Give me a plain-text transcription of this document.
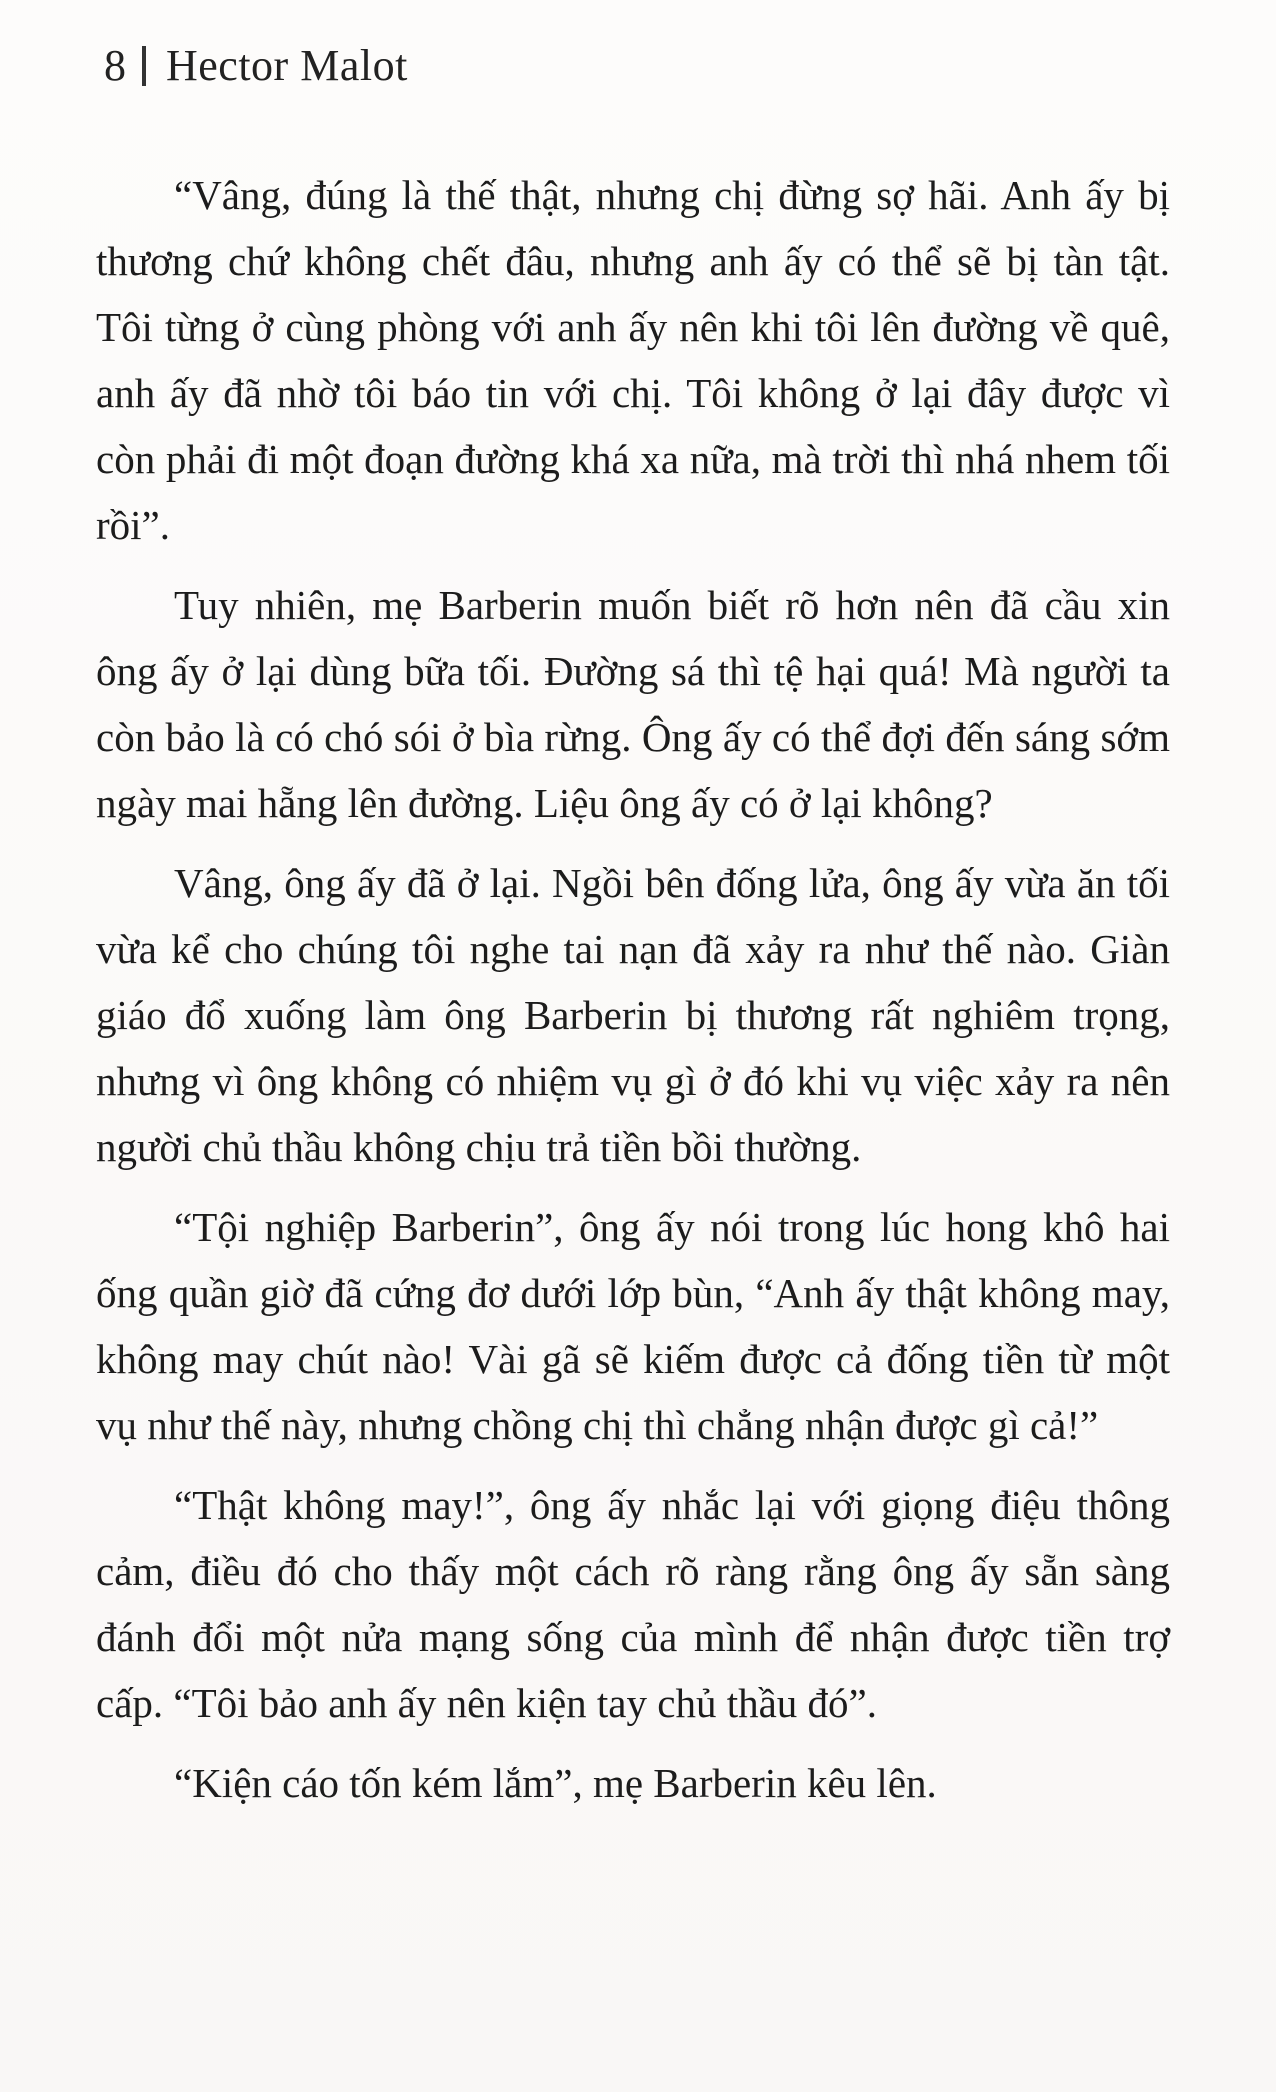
8 Hector Malot

“Vâng, đúng là thế thật, nhưng chị đừng sợ hãi. Anh ấy bị thương chứ không chết đâu, nhưng anh ấy có thể sẽ bị tàn tật. Tôi từng ở cùng phòng với anh ấy nên khi tôi lên đường về quê, anh ấy đã nhờ tôi báo tin với chị. Tôi không ở lại đây được vì còn phải đi một đoạn đường khá xa nữa, mà trời thì nhá nhem tối rồi”.

Tuy nhiên, mẹ Barberin muốn biết rõ hơn nên đã cầu xin ông ấy ở lại dùng bữa tối. Đường sá thì tệ hại quá! Mà người ta còn bảo là có chó sói ở bìa rừng. Ông ấy có thể đợi đến sáng sớm ngày mai hẵng lên đường. Liệu ông ấy có ở lại không?

Vâng, ông ấy đã ở lại. Ngồi bên đống lửa, ông ấy vừa ăn tối vừa kể cho chúng tôi nghe tai nạn đã xảy ra như thế nào. Giàn giáo đổ xuống làm ông Barberin bị thương rất nghiêm trọng, nhưng vì ông không có nhiệm vụ gì ở đó khi vụ việc xảy ra nên người chủ thầu không chịu trả tiền bồi thường.

“Tội nghiệp Barberin”, ông ấy nói trong lúc hong khô hai ống quần giờ đã cứng đơ dưới lớp bùn, “Anh ấy thật không may, không may chút nào! Vài gã sẽ kiếm được cả đống tiền từ một vụ như thế này, nhưng chồng chị thì chẳng nhận được gì cả!”

“Thật không may!”, ông ấy nhắc lại với giọng điệu thông cảm, điều đó cho thấy một cách rõ ràng rằng ông ấy sẵn sàng đánh đổi một nửa mạng sống của mình để nhận được tiền trợ cấp. “Tôi bảo anh ấy nên kiện tay chủ thầu đó”.

“Kiện cáo tốn kém lắm”, mẹ Barberin kêu lên.
